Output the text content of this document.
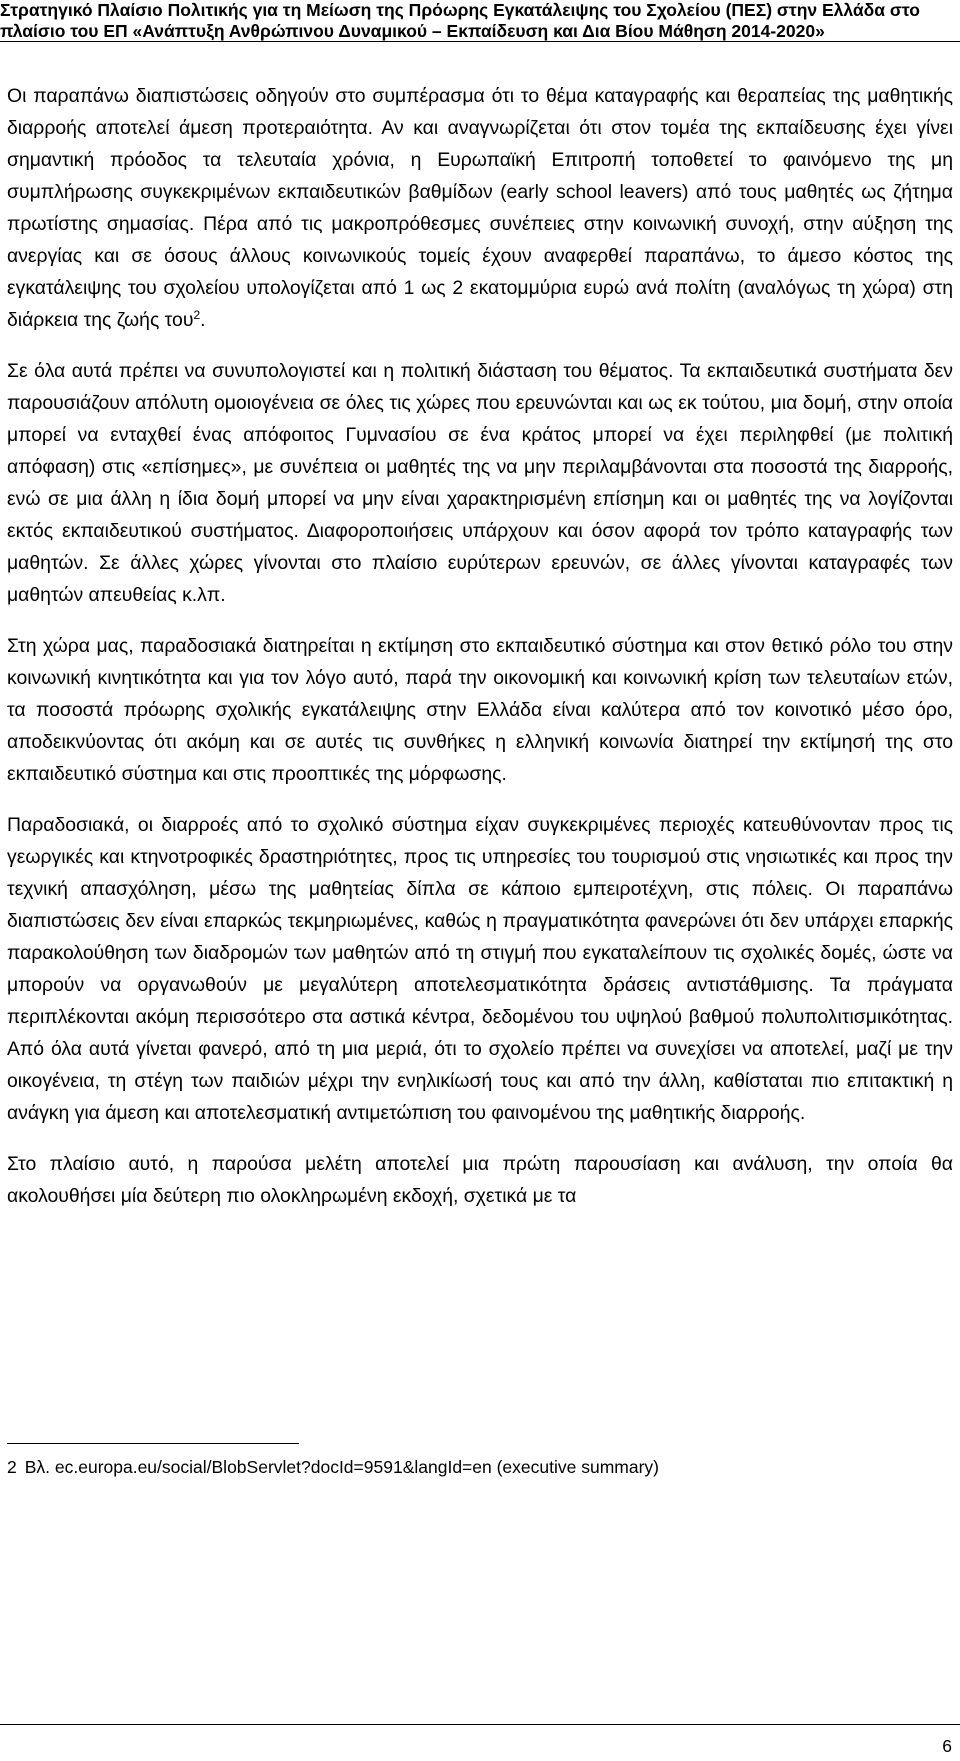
Στρατηγικό Πλαίσιο Πολιτικής για τη Μείωση της Πρόωρης Εγκατάλειψης του Σχολείου (ΠΕΣ) στην Ελλάδα στο
πλαίσιο του ΕΠ «Ανάπτυξη Ανθρώπινου Δυναμικού – Εκπαίδευση και Δια Βίου Μάθηση 2014-2020»

Οι παραπάνω διαπιστώσεις οδηγούν στο συμπέρασμα ότι το θέμα καταγραφής και θεραπείας της μαθητικής διαρροής αποτελεί άμεση προτεραιότητα. Αν και αναγνωρίζεται ότι στον τομέα της εκπαίδευσης έχει γίνει σημαντική πρόοδος τα τελευταία χρόνια, η Ευρωπαϊκή Επιτροπή τοποθετεί το φαινόμενο της μη συμπλήρωσης συγκεκριμένων εκπαιδευτικών βαθμίδων (early school leavers) από τους μαθητές ως ζήτημα πρωτίστης σημασίας. Πέρα από τις μακροπρόθεσμες συνέπειες στην κοινωνική συνοχή, στην αύξηση της ανεργίας και σε όσους άλλους κοινωνικούς τομείς έχουν αναφερθεί παραπάνω, το άμεσο κόστος της εγκατάλειψης του σχολείου υπολογίζεται από 1 ως 2 εκατομμύρια ευρώ ανά πολίτη (αναλόγως τη χώρα) στη διάρκεια της ζωής του$^2$.

Σε όλα αυτά πρέπει να συνυπολογιστεί και η πολιτική διάσταση του θέματος. Τα εκπαιδευτικά συστήματα δεν παρουσιάζουν απόλυτη ομοιογένεια σε όλες τις χώρες που ερευνώνται και ως εκ τούτου, μια δομή, στην οποία μπορεί να ενταχθεί ένας απόφοιτος Γυμνασίου σε ένα κράτος μπορεί να έχει περιληφθεί (με πολιτική απόφαση) στις «επίσημες», με συνέπεια οι μαθητές της να μην περιλαμβάνονται στα ποσοστά της διαρροής, ενώ σε μια άλλη η ίδια δομή μπορεί να μην είναι χαρακτηρισμένη επίσημη και οι μαθητές της να λογίζονται εκτός εκπαιδευτικού συστήματος. Διαφοροποιήσεις υπάρχουν και όσον αφορά τον τρόπο καταγραφής των μαθητών. Σε άλλες χώρες γίνονται στο πλαίσιο ευρύτερων ερευνών, σε άλλες γίνονται καταγραφές των μαθητών απευθείας κ.λπ.

Στη χώρα μας, παραδοσιακά διατηρείται η εκτίμηση στο εκπαιδευτικό σύστημα και στον θετικό ρόλο του στην κοινωνική κινητικότητα και για τον λόγο αυτό, παρά την οικονομική και κοινωνική κρίση των τελευταίων ετών, τα ποσοστά πρόωρης σχολικής εγκατάλειψης στην Ελλάδα είναι καλύτερα από τον κοινοτικό μέσο όρο, αποδεικνύοντας ότι ακόμη και σε αυτές τις συνθήκες η ελληνική κοινωνία διατηρεί την εκτίμησή της στο εκπαιδευτικό σύστημα και στις προοπτικές της μόρφωσης.

Παραδοσιακά, οι διαρροές από το σχολικό σύστημα είχαν συγκεκριμένες περιοχές κατευθύνονταν προς τις γεωργικές και κτηνοτροφικές δραστηριότητες, προς τις υπηρεσίες του τουρισμού στις νησιωτικές και προς την τεχνική απασχόληση, μέσω της μαθητείας δίπλα σε κάποιο εμπειροτέχνη, στις πόλεις. Οι παραπάνω διαπιστώσεις δεν είναι επαρκώς τεκμηριωμένες, καθώς η πραγματικότητα φανερώνει ότι δεν υπάρχει επαρκής παρακολούθηση των διαδρομών των μαθητών από τη στιγμή που εγκαταλείπουν τις σχολικές δομές, ώστε να μπορούν να οργανωθούν με μεγαλύτερη αποτελεσματικότητα δράσεις αντιστάθμισης. Τα πράγματα περιπλέκονται ακόμη περισσότερο στα αστικά κέντρα, δεδομένου του υψηλού βαθμού πολυπολιτισμικότητας. Από όλα αυτά γίνεται φανερό, από τη μια μεριά, ότι το σχολείο πρέπει να συνεχίσει να αποτελεί, μαζί με την οικογένεια, τη στέγη των παιδιών μέχρι την ενηλικίωσή τους και από την άλλη, καθίσταται πιο επιτακτική η ανάγκη για άμεση και αποτελεσματική αντιμετώπιση του φαινομένου της μαθητικής διαρροής.

Στο πλαίσιο αυτό, η παρούσα μελέτη αποτελεί μια πρώτη παρουσίαση και ανάλυση, την οποία θα ακολουθήσει μία δεύτερη πιο ολοκληρωμένη εκδοχή, σχετικά με τα

2 Βλ. ec.europa.eu/social/BlobServlet?docId=9591&langId=en (executive summary)
6
